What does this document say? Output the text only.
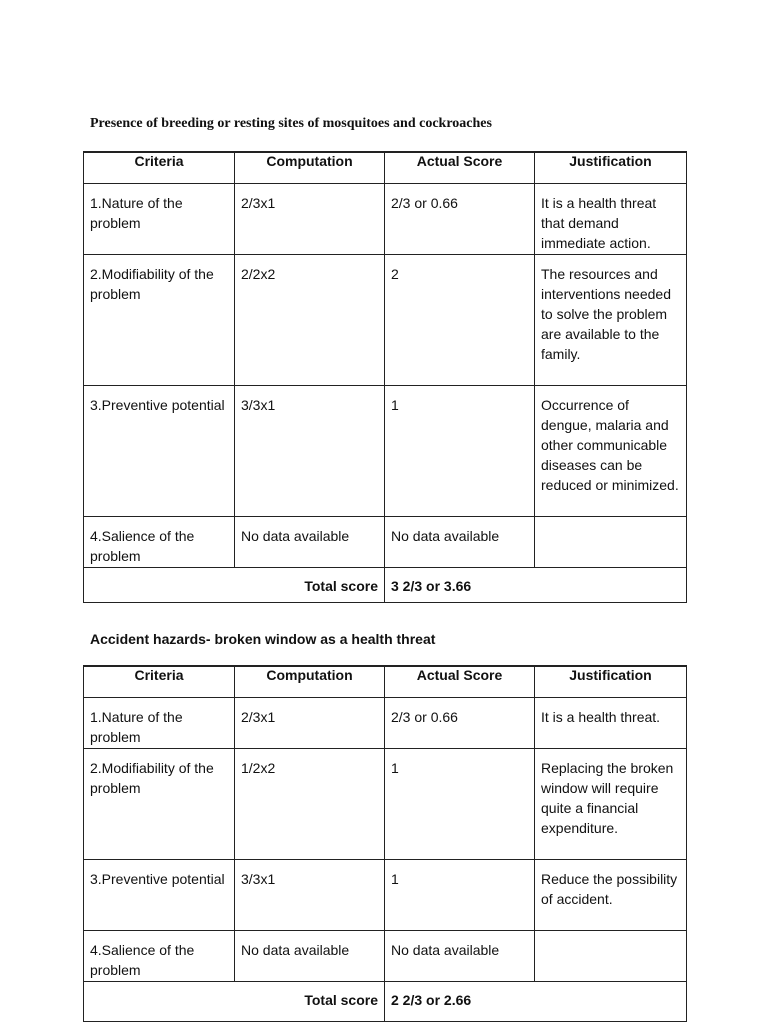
Presence of breeding or resting sites of mosquitoes and cockroaches

Criteria	Computation	Actual Score	Justification
1.Nature of the problem	2/3x1	2/3 or 0.66	It is a health threat that demand immediate action.
2.Modifiability of the problem	2/2x2	2	The resources and interventions needed to solve the problem are available to the family.
3.Preventive potential	3/3x1	1	Occurrence of dengue, malaria and other communicable diseases can be reduced or minimized.
4.Salience of the problem	No data available	No data available	
Total score		3 2/3 or 3.66	

Accident hazards- broken window as a health threat

Criteria	Computation	Actual Score	Justification
1.Nature of the problem	2/3x1	2/3 or 0.66	It is a health threat.
2.Modifiability of the problem	1/2x2	1	Replacing the broken window will require quite a financial expenditure.
3.Preventive potential	3/3x1	1	Reduce the possibility of accident.
4.Salience of the problem	No data available	No data available	
Total score		2 2/3 or 2.66	
